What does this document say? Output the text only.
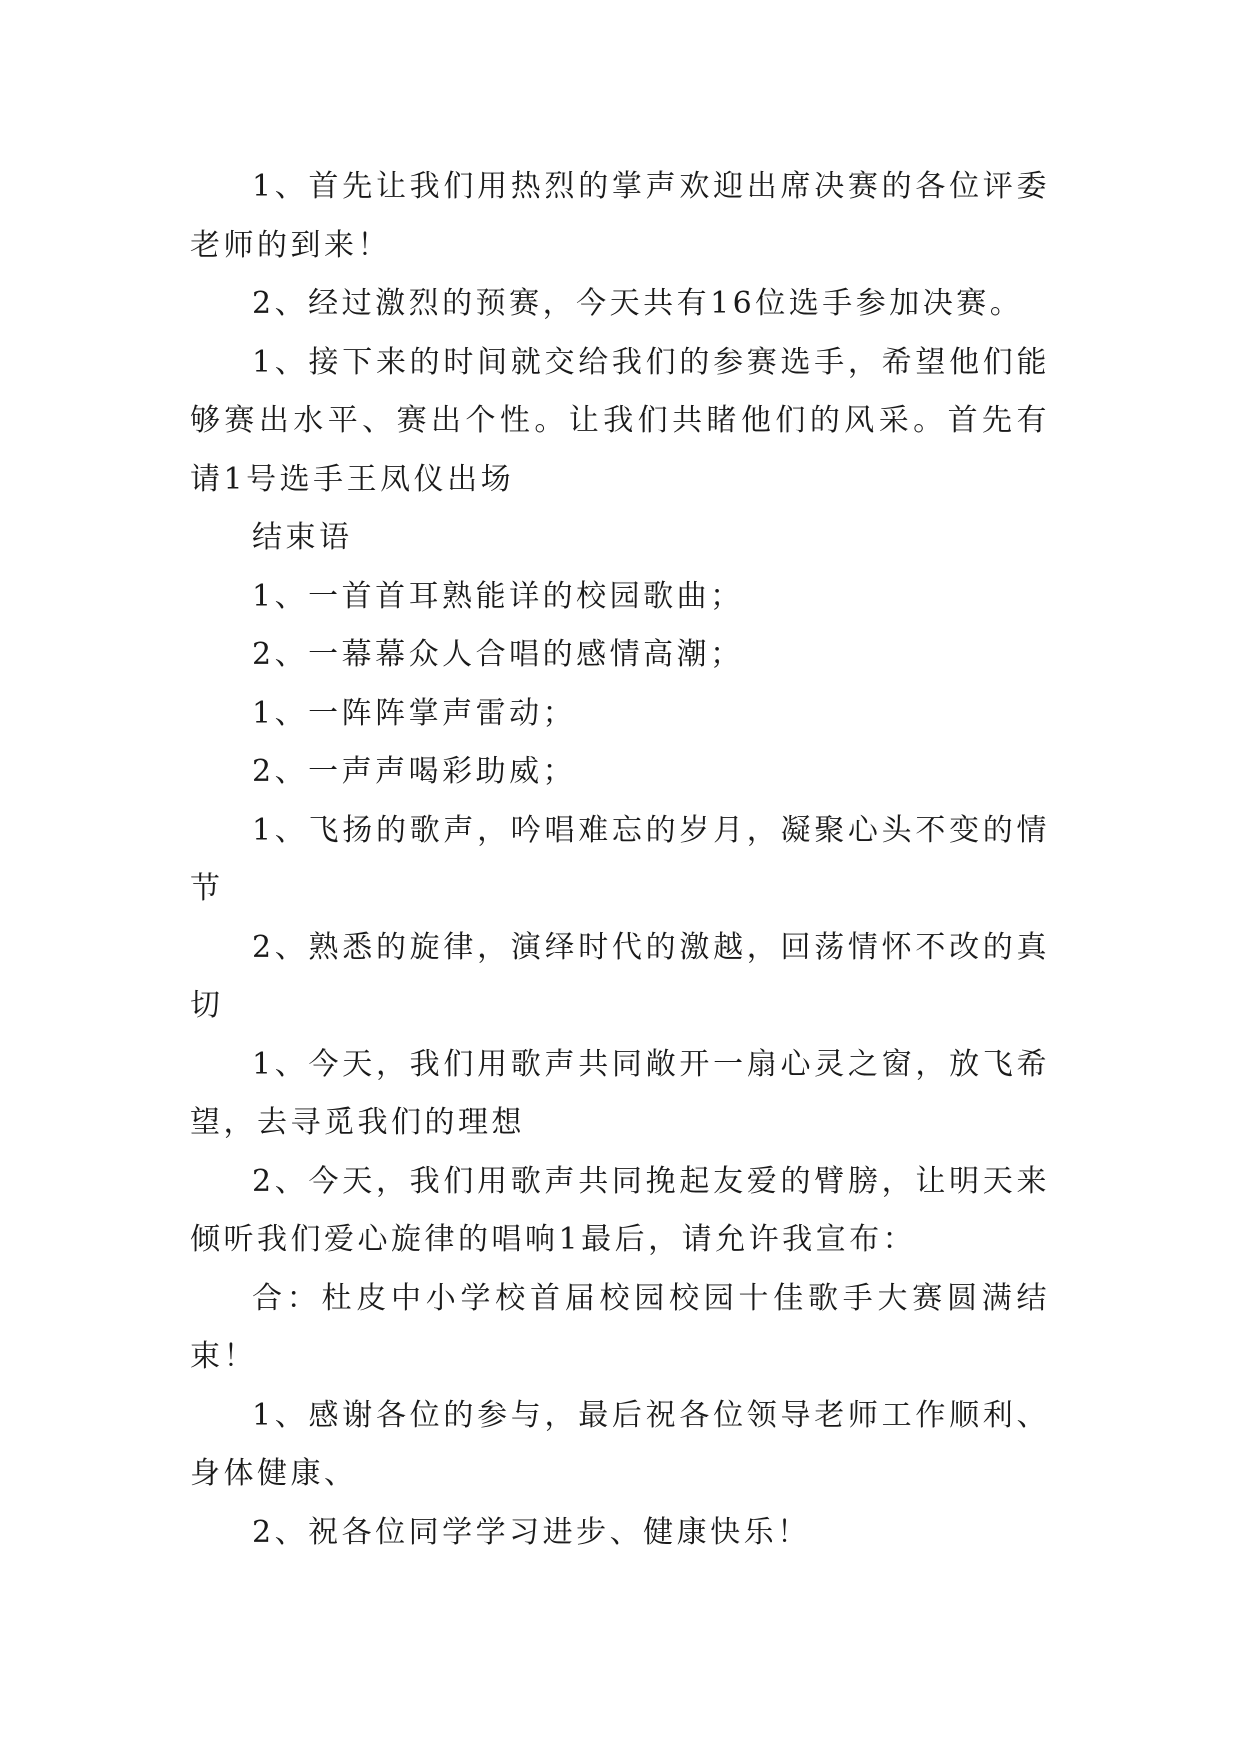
1、首先让我们用热烈的掌声欢迎出席决赛的各位评委老师的到来！

2、经过激烈的预赛，今天共有16位选手参加决赛。

1、接下来的时间就交给我们的参赛选手，希望他们能够赛出水平、赛出个性。让我们共睹他们的风采。首先有请1号选手王凤仪出场

结束语

1、一首首耳熟能详的校园歌曲；

2、一幕幕众人合唱的感情高潮；

1、一阵阵掌声雷动；

2、一声声喝彩助威；

1、飞扬的歌声，吟唱难忘的岁月，凝聚心头不变的情节

2、熟悉的旋律，演绎时代的激越，回荡情怀不改的真切

1、今天，我们用歌声共同敞开一扇心灵之窗，放飞希望，去寻觅我们的理想

2、今天，我们用歌声共同挽起友爱的臂膀，让明天来倾听我们爱心旋律的唱响1最后，请允许我宣布：

合：杜皮中小学校首届校园校园十佳歌手大赛圆满结束！

1、感谢各位的参与，最后祝各位领导老师工作顺利、身体健康、

2、祝各位同学学习进步、健康快乐！
